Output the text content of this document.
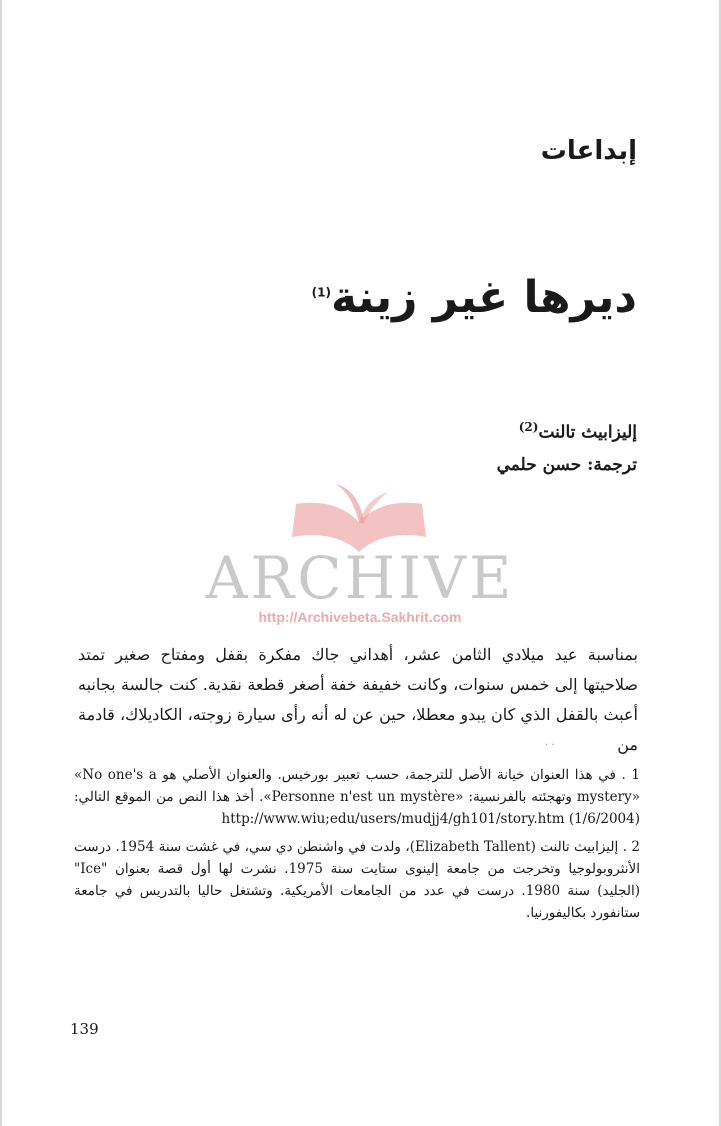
إبداعات
ديرها غير زينة$^{(1)}$
إليزابيث تالنت$^{(2)}$
ترجمة: حسن حلمي
ARCHIVE
http://Archivebeta.Sakhrit.com

بمناسبة عيد ميلادي الثامن عشر، أهداني جاك مفكرة بقفل ومفتاح صغير تمتد صلاحيتها إلى خمس سنوات، وكانت خفيفة خفة أصغر قطعة نقدية. كنت جالسة بجانبه أعبث بالقفل الذي كان يبدو معطلا، حين عن له أنه رأى سيارة زوجته، الكاديلاك، قادمة من

· ·

1 . في هذا العنوان خيانة الأصل للترجمة، حسب تعبير بورخيس. والعنوان الأصلي هو «No one's a mystery» وتهجئته بالفرنسية: «Personne n'est un mystère». أخذ هذا النص من الموقع التالي: http://www.wiu;edu/users/mudjj4/gh101/story.htm (1/6/2004)

2 . إليزابيث تالنت (Elizabeth Tallent)، ولدت في واشنطن دي سي، في غشت سنة 1954. درست الأنثروبولوجيا وتخرجت من جامعة إلينوى ستايت سنة 1975. نشرت لها أول قصة بعنوان "Ice" (الجليد) سنة 1980. درست في عدد من الجامعات الأمريكية. وتشتغل حاليا بالتدريس في جامعة ستانفورد بكاليفورنيا.

139
